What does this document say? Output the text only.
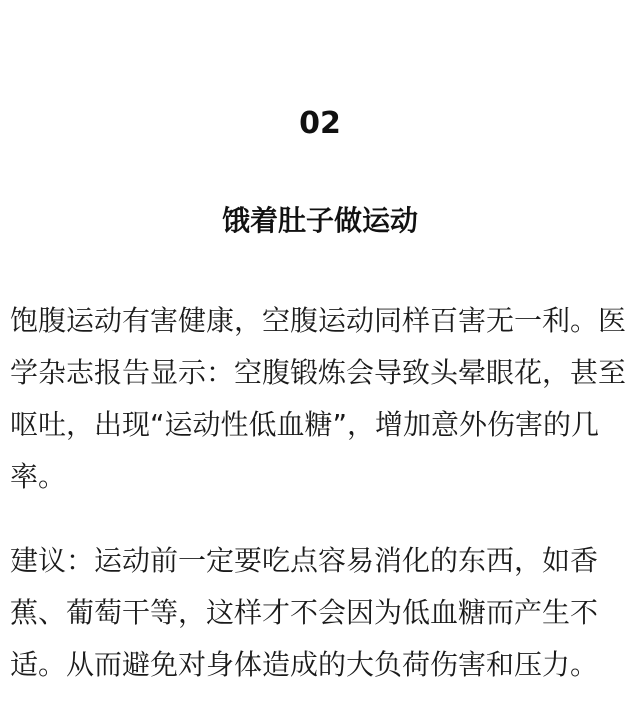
02
饿着肚子做运动

饱腹运动有害健康，空腹运动同样百害无一利。医学杂志报告显示：空腹锻炼会导致头晕眼花，甚至呕吐，出现“运动性低血糖”，增加意外伤害的几率。

建议：运动前一定要吃点容易消化的东西，如香蕉、葡萄干等，这样才不会因为低血糖而产生不适。从而避免对身体造成的大负荷伤害和压力。
